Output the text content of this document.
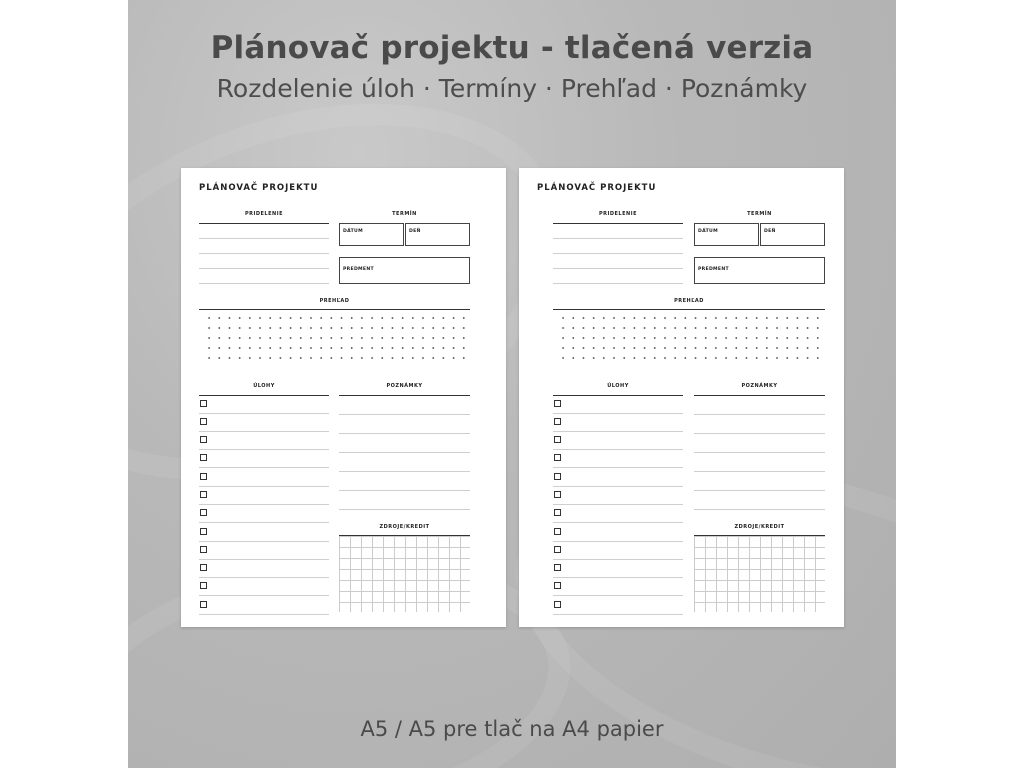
Plánovač projektu - tlačená verzia
Rozdelenie úloh · Termíny · Prehľad · Poznámky
PLÁNOVAČ PROJEKTU
PRIDELENIE	TERMÍN
DÁTUM	DEŇ
PREDMENT
PREHĽAD
ÚLOHY	POZNÁMKY
ZDROJE/KREDIT
PLÁNOVAČ PROJEKTU
PRIDELENIE	TERMÍN
DÁTUM	DEŇ
PREDMENT
PREHĽAD
ÚLOHY	POZNÁMKY
ZDROJE/KREDIT
A5 / A5 pre tlač na A4 papier
